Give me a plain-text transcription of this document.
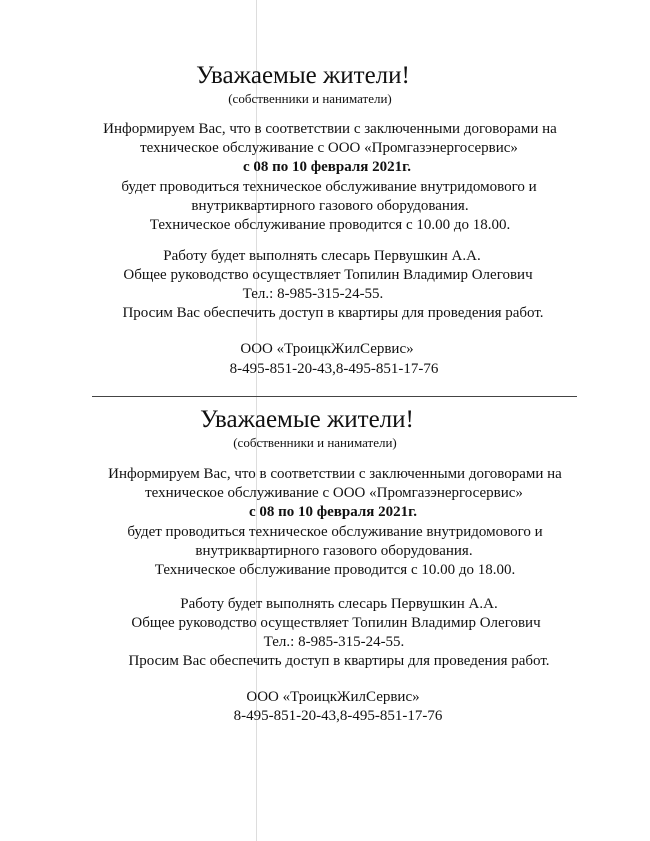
Уважаемые жители!
(собственники и наниматели)
Информируем Вас, что в соответствии с заключенными договорами на
техническое обслуживание с ООО «Промгазэнергосервис»
с 08 по 10 февраля 2021г.
будет проводиться техническое обслуживание внутридомового и
внутриквартирного газового оборудования.
Техническое обслуживание проводится с 10.00 до 18.00.
Работу будет выполнять слесарь Первушкин А.А.
Общее руководство осуществляет Топилин Владимир Олегович
Тел.: 8-985-315-24-55.
Просим Вас обеспечить доступ в квартиры для проведения работ.
ООО «ТроицкЖилСервис»
8-495-851-20-43,8-495-851-17-76
Уважаемые жители!
(собственники и наниматели)
Информируем Вас, что в соответствии с заключенными договорами на
техническое обслуживание с ООО «Промгазэнергосервис»
с 08 по 10 февраля 2021г.
будет проводиться техническое обслуживание внутридомового и
внутриквартирного газового оборудования.
Техническое обслуживание проводится с 10.00 до 18.00.
Работу будет выполнять слесарь Первушкин А.А.
Общее руководство осуществляет Топилин Владимир Олегович
Тел.: 8-985-315-24-55.
Просим Вас обеспечить доступ в квартиры для проведения работ.
ООО «ТроицкЖилСервис»
8-495-851-20-43,8-495-851-17-76
